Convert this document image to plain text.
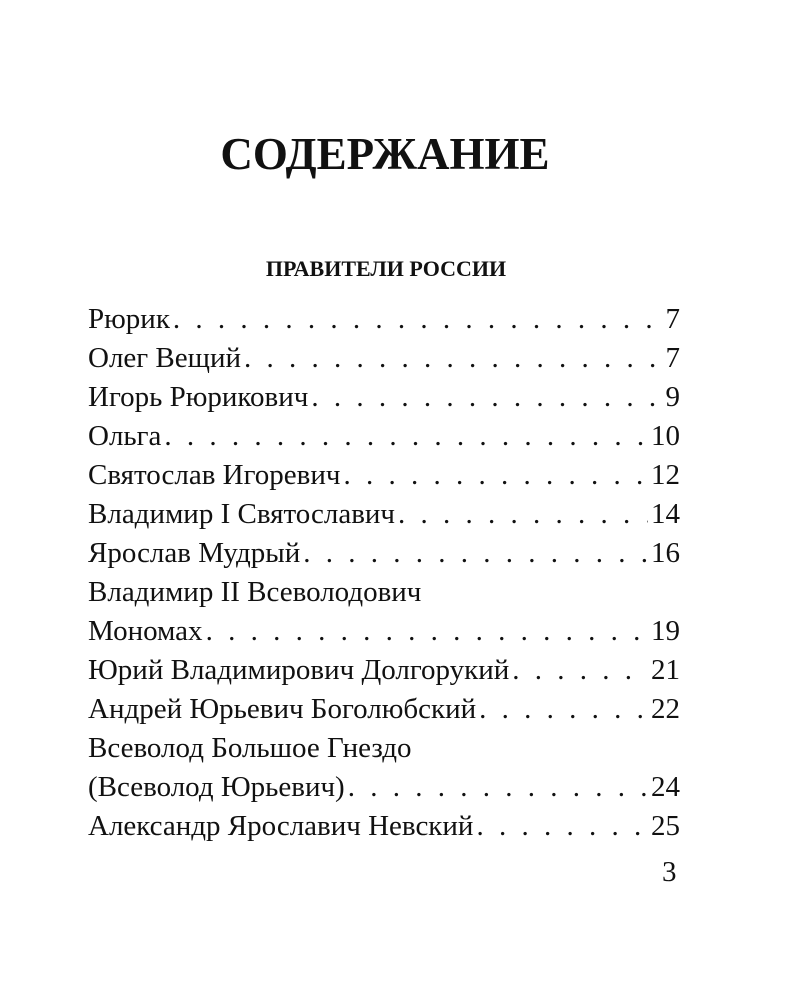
СОДЕРЖАНИЕ
ПРАВИТЕЛИ РОССИИ
Рюрик . . .	7
Олег Вещий . . .	7
Игорь Рюрикович . . .	9
Ольга . . .	10
Святослав Игоревич . . .	12
Владимир I Святославич . . .	14
Ярослав Мудрый . . .	16
Владимир II Всеволодович
Мономах . . .	19
Юрий Владимирович Долгорукий . . .	21
Андрей Юрьевич Боголюбский . . .	22
Всеволод Большое Гнездо
(Всеволод Юрьевич) . . .	24
Александр Ярославич Невский . . .	25
3
